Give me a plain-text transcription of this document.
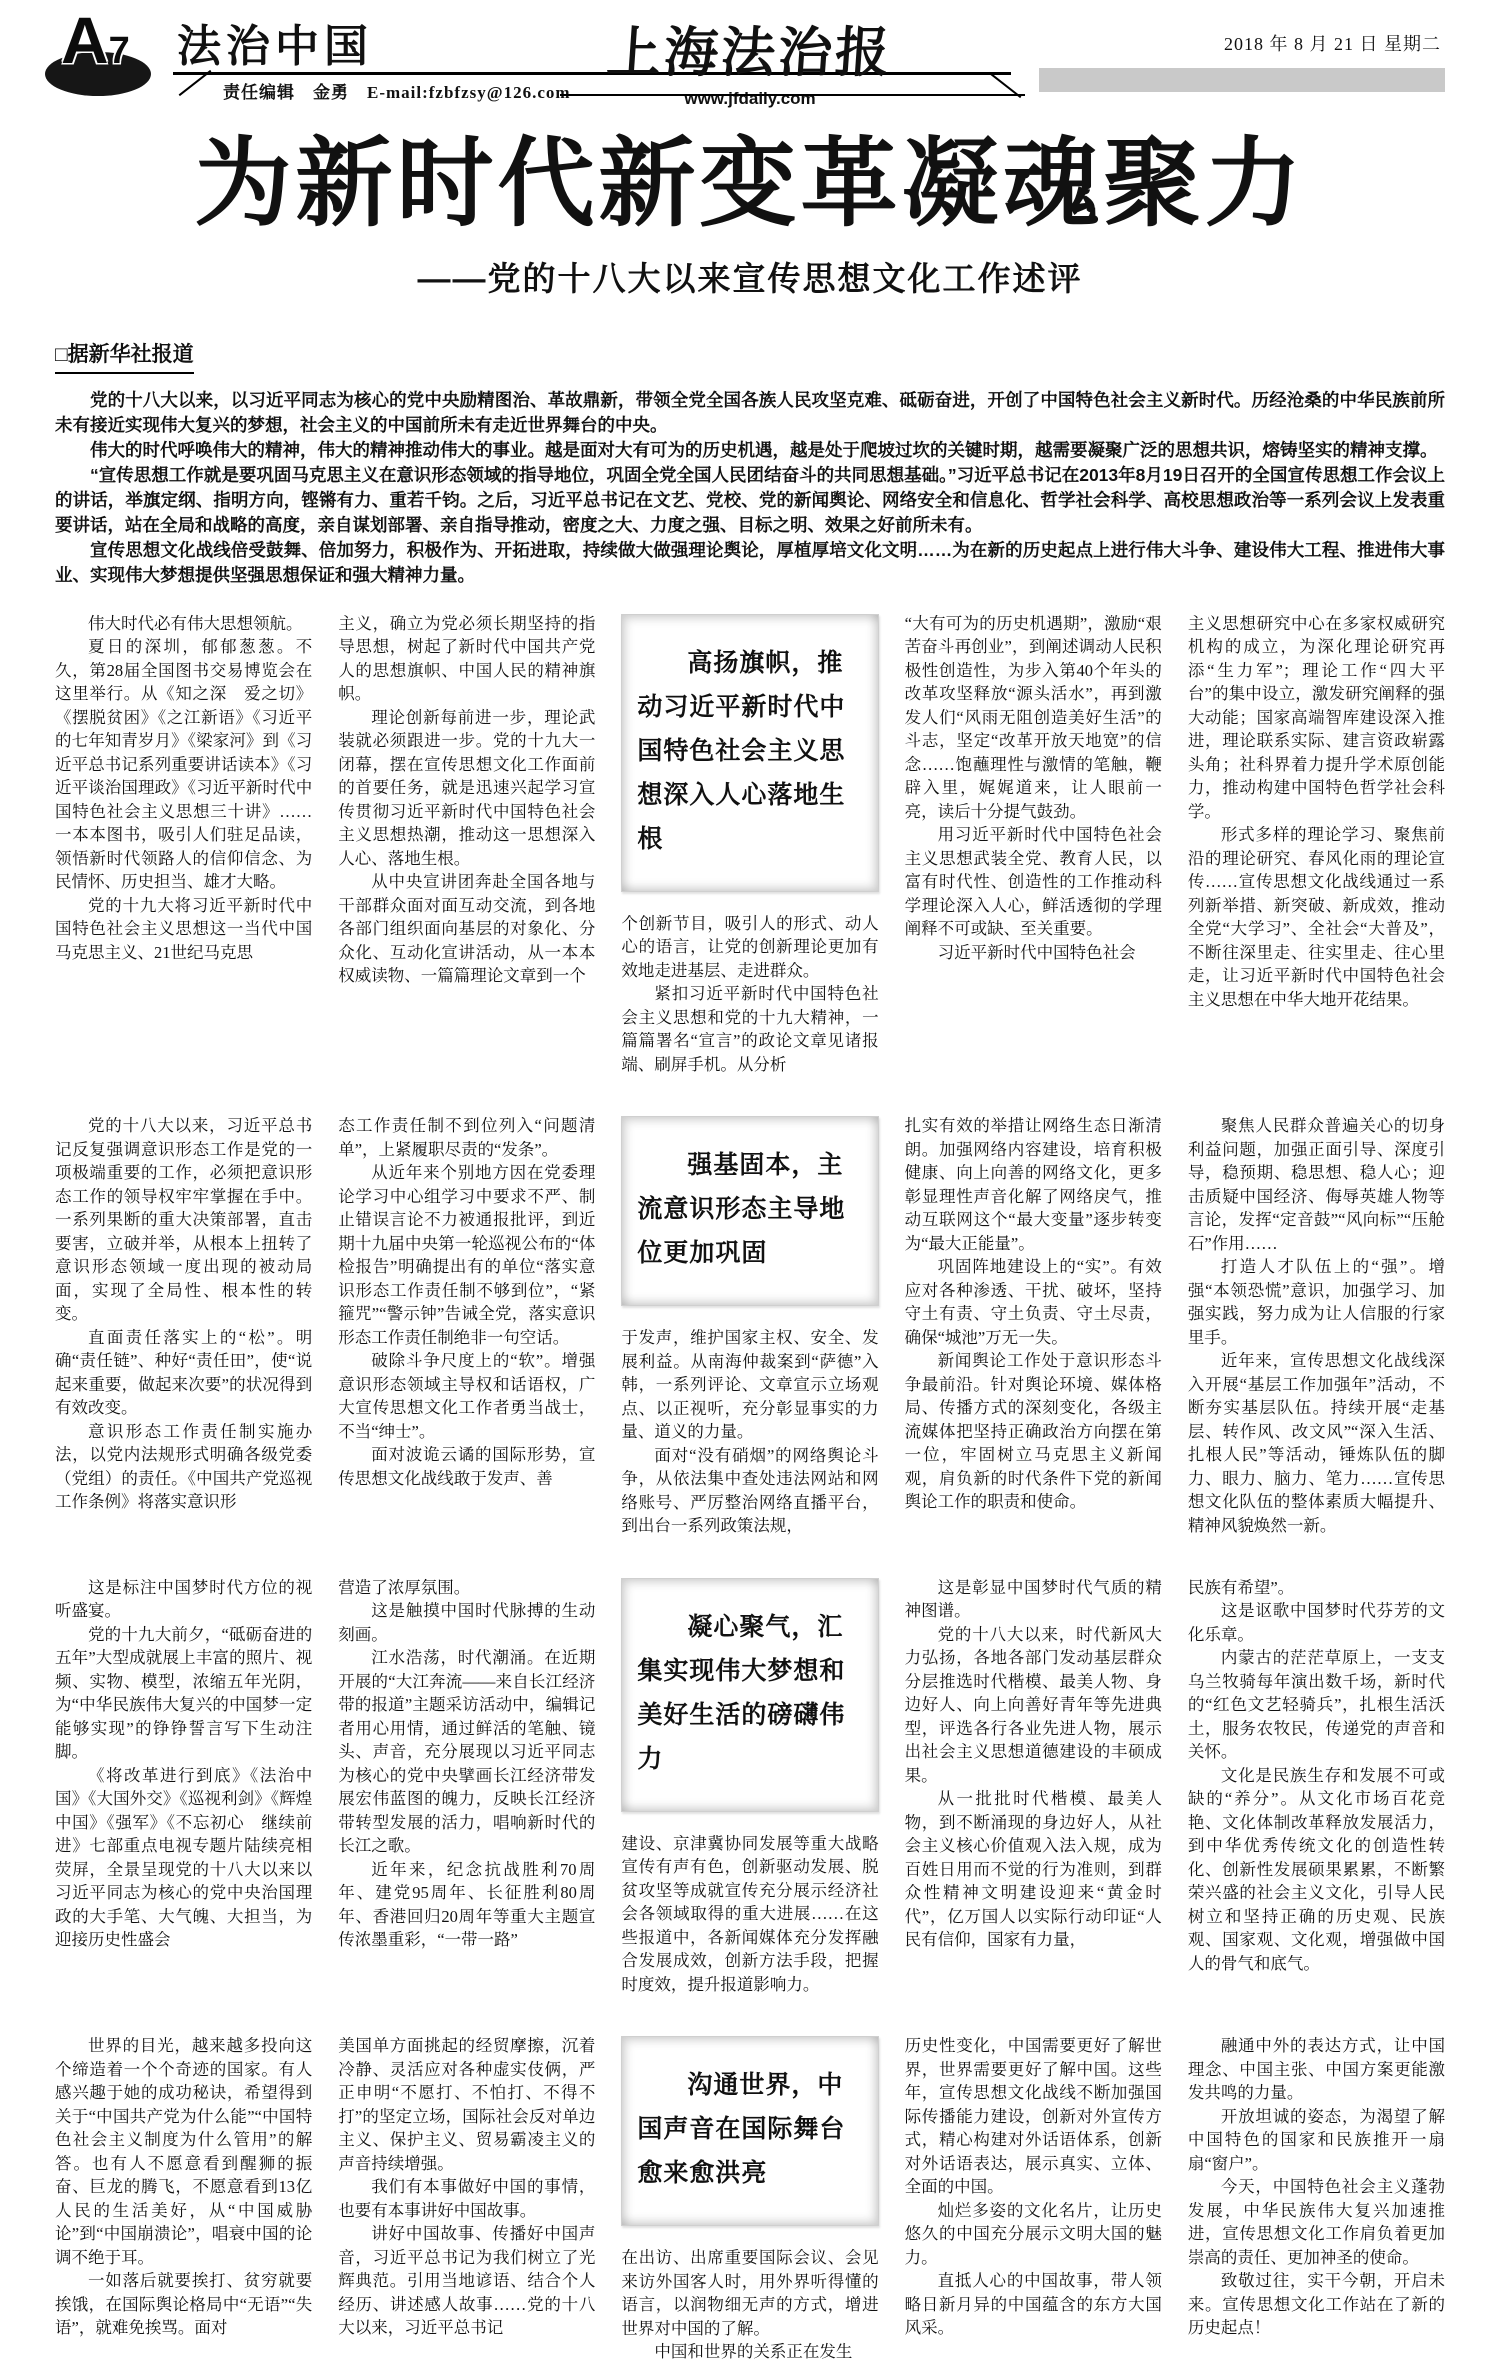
A7 法治中国
责任编辑　金勇　E-mail:fzbfzsy@126.com
上海法治报
www.jfdaily.com
2018 年 8 月 21 日 星期二
为新时代新变革凝魂聚力
——党的十八大以来宣传思想文化工作述评
□据新华社报道

党的十八大以来，以习近平同志为核心的党中央励精图治、革故鼎新，带领全党全国各族人民攻坚克难、砥砺奋进，开创了中国特色社会主义新时代。历经沧桑的中华民族前所未有接近实现伟大复兴的梦想，社会主义的中国前所未有走近世界舞台的中央。

伟大的时代呼唤伟大的精神，伟大的精神推动伟大的事业。越是面对大有可为的历史机遇，越是处于爬坡过坎的关键时期，越需要凝聚广泛的思想共识，熔铸坚实的精神支撑。

“宣传思想工作就是要巩固马克思主义在意识形态领域的指导地位，巩固全党全国人民团结奋斗的共同思想基础。”习近平总书记在2013年8月19日召开的全国宣传思想工作会议上的讲话，举旗定纲、指明方向，铿锵有力、重若千钧。之后，习近平总书记在文艺、党校、党的新闻舆论、网络安全和信息化、哲学社会科学、高校思想政治等一系列会议上发表重要讲话，站在全局和战略的高度，亲自谋划部署、亲自指导推动，密度之大、力度之强、目标之明、效果之好前所未有。

宣传思想文化战线倍受鼓舞、倍加努力，积极作为、开拓进取，持续做大做强理论舆论，厚植厚培文化文明……为在新的历史起点上进行伟大斗争、建设伟大工程、推进伟大事业、实现伟大梦想提供坚强思想保证和强大精神力量。

伟大时代必有伟大思想领航。

夏日的深圳，郁郁葱葱。不久，第28届全国图书交易博览会在这里举行。从《知之深　爱之切》《摆脱贫困》《之江新语》《习近平的七年知青岁月》《梁家河》到《习近平总书记系列重要讲话读本》《习近平谈治国理政》《习近平新时代中国特色社会主义思想三十讲》……一本本图书，吸引人们驻足品读，领悟新时代领路人的信仰信念、为民情怀、历史担当、雄才大略。

党的十九大将习近平新时代中国特色社会主义思想这一当代中国马克思主义、21世纪马克思

主义，确立为党必须长期坚持的指导思想，树起了新时代中国共产党人的思想旗帜、中国人民的精神旗帜。

理论创新每前进一步，理论武装就必须跟进一步。党的十九大一闭幕，摆在宣传思想文化工作面前的首要任务，就是迅速兴起学习宣传贯彻习近平新时代中国特色社会主义思想热潮，推动这一思想深入人心、落地生根。

从中央宣讲团奔赴全国各地与干部群众面对面互动交流，到各地各部门组织面向基层的对象化、分众化、互动化宣讲活动，从一本本权威读物、一篇篇理论文章到一个

高扬旗帜，推动习近平新时代中国特色社会主义思想深入人心落地生根

个创新节目，吸引人的形式、动人心的语言，让党的创新理论更加有效地走进基层、走进群众。

紧扣习近平新时代中国特色社会主义思想和党的十九大精神，一篇篇署名“宣言”的政论文章见诸报端、刷屏手机。从分析

“大有可为的历史机遇期”，激励“艰苦奋斗再创业”，到阐述调动人民积极性创造性，为步入第40个年头的改革攻坚释放“源头活水”，再到激发人们“风雨无阻创造美好生活”的斗志，坚定“改革开放天地宽”的信念……饱蘸理性与激情的笔触，鞭辟入里，娓娓道来，让人眼前一亮，读后十分提气鼓劲。

用习近平新时代中国特色社会主义思想武装全党、教育人民，以富有时代性、创造性的工作推动科学理论深入人心，鲜活透彻的学理阐释不可或缺、至关重要。

习近平新时代中国特色社会

主义思想研究中心在多家权威研究机构的成立，为深化理论研究再添“生力军”；理论工作“四大平台”的集中设立，激发研究阐释的强大动能；国家高端智库建设深入推进，理论联系实际、建言资政崭露头角；社科界着力提升学术原创能力，推动构建中国特色哲学社会科学。

形式多样的理论学习、聚焦前沿的理论研究、春风化雨的理论宣传……宣传思想文化战线通过一系列新举措、新突破、新成效，推动全党“大学习”、全社会“大普及”，不断往深里走、往实里走、往心里走，让习近平新时代中国特色社会主义思想在中华大地开花结果。

党的十八大以来，习近平总书记反复强调意识形态工作是党的一项极端重要的工作，必须把意识形态工作的领导权牢牢掌握在手中。一系列果断的重大决策部署，直击要害，立破并举，从根本上扭转了意识形态领域一度出现的被动局面，实现了全局性、根本性的转变。

直面责任落实上的“松”。明确“责任链”、种好“责任田”，使“说起来重要，做起来次要”的状况得到有效改变。

意识形态工作责任制实施办法，以党内法规形式明确各级党委（党组）的责任。《中国共产党巡视工作条例》将落实意识形

态工作责任制不到位列入“问题清单”，上紧履职尽责的“发条”。

从近年来个别地方因在党委理论学习中心组学习中要求不严、制止错误言论不力被通报批评，到近期十九届中央第一轮巡视公布的“体检报告”明确提出有的单位“落实意识形态工作责任制不够到位”，“紧箍咒”“警示钟”告诫全党，落实意识形态工作责任制绝非一句空话。

破除斗争尺度上的“软”。增强意识形态领域主导权和话语权，广大宣传思想文化工作者勇当战士，不当“绅士”。

面对波诡云谲的国际形势，宣传思想文化战线敢于发声、善

强基固本，主流意识形态主导地位更加巩固

于发声，维护国家主权、安全、发展利益。从南海仲裁案到“萨德”入韩，一系列评论、文章宣示立场观点、以正视听，充分彰显事实的力量、道义的力量。

面对“没有硝烟”的网络舆论斗争，从依法集中查处违法网站和网络账号、严厉整治网络直播平台，到出台一系列政策法规，

扎实有效的举措让网络生态日渐清朗。加强网络内容建设，培育积极健康、向上向善的网络文化，更多彰显理性声音化解了网络戾气，推动互联网这个“最大变量”逐步转变为“最大正能量”。

巩固阵地建设上的“实”。有效应对各种渗透、干扰、破坏，坚持守土有责、守土负责、守土尽责，确保“城池”万无一失。

新闻舆论工作处于意识形态斗争最前沿。针对舆论环境、媒体格局、传播方式的深刻变化，各级主流媒体把坚持正确政治方向摆在第一位，牢固树立马克思主义新闻观，肩负新的时代条件下党的新闻舆论工作的职责和使命。

聚焦人民群众普遍关心的切身利益问题，加强正面引导、深度引导，稳预期、稳思想、稳人心；迎击质疑中国经济、侮辱英雄人物等言论，发挥“定音鼓”“风向标”“压舱石”作用……

打造人才队伍上的“强”。增强“本领恐慌”意识，加强学习、加强实践，努力成为让人信服的行家里手。

近年来，宣传思想文化战线深入开展“基层工作加强年”活动，不断夯实基层队伍。持续开展“走基层、转作风、改文风”“深入生活、扎根人民”等活动，锤炼队伍的脚力、眼力、脑力、笔力……宣传思想文化队伍的整体素质大幅提升、精神风貌焕然一新。

这是标注中国梦时代方位的视听盛宴。

党的十九大前夕，“砥砺奋进的五年”大型成就展上丰富的照片、视频、实物、模型，浓缩五年光阴，为“中华民族伟大复兴的中国梦一定能够实现”的铮铮誓言写下生动注脚。

《将改革进行到底》《法治中国》《大国外交》《巡视利剑》《辉煌中国》《强军》《不忘初心　继续前进》七部重点电视专题片陆续亮相荧屏，全景呈现党的十八大以来以习近平同志为核心的党中央治国理政的大手笔、大气魄、大担当，为迎接历史性盛会

营造了浓厚氛围。

这是触摸中国时代脉搏的生动刻画。

江水浩荡，时代潮涌。在近期开展的“大江奔流——来自长江经济带的报道”主题采访活动中，编辑记者用心用情，通过鲜活的笔触、镜头、声音，充分展现以习近平同志为核心的党中央擘画长江经济带发展宏伟蓝图的魄力，反映长江经济带转型发展的活力，唱响新时代的长江之歌。

近年来，纪念抗战胜利70周年、建党95周年、长征胜利80周年、香港回归20周年等重大主题宣传浓墨重彩，“一带一路”

凝心聚气，汇集实现伟大梦想和美好生活的磅礴伟力

建设、京津冀协同发展等重大战略宣传有声有色，创新驱动发展、脱贫攻坚等成就宣传充分展示经济社会各领域取得的重大进展……在这些报道中，各新闻媒体充分发挥融合发展成效，创新方法手段，把握时度效，提升报道影响力。

这是彰显中国梦时代气质的精神图谱。

党的十八大以来，时代新风大力弘扬，各地各部门发动基层群众分层推选时代楷模、最美人物、身边好人、向上向善好青年等先进典型，评选各行各业先进人物，展示出社会主义思想道德建设的丰硕成果。

从一批批时代楷模、最美人物，到不断涌现的身边好人，从社会主义核心价值观入法入规，成为百姓日用而不觉的行为准则，到群众性精神文明建设迎来“黄金时代”，亿万国人以实际行动印证“人民有信仰，国家有力量，

民族有希望”。

这是讴歌中国梦时代芬芳的文化乐章。

内蒙古的茫茫草原上，一支支乌兰牧骑每年演出数千场，新时代的“红色文艺轻骑兵”，扎根生活沃土，服务农牧民，传递党的声音和关怀。

文化是民族生存和发展不可或缺的“养分”。从文化市场百花竞艳、文化体制改革释放发展活力，到中华优秀传统文化的创造性转化、创新性发展硕果累累，不断繁荣兴盛的社会主义文化，引导人民树立和坚持正确的历史观、民族观、国家观、文化观，增强做中国人的骨气和底气。

世界的目光，越来越多投向这个缔造着一个个奇迹的国家。有人感兴趣于她的成功秘诀，希望得到关于“中国共产党为什么能”“中国特色社会主义制度为什么管用”的解答。也有人不愿意看到醒狮的振奋、巨龙的腾飞，不愿意看到13亿人民的生活美好，从“中国威胁论”到“中国崩溃论”，唱衰中国的论调不绝于耳。

一如落后就要挨打、贫穷就要挨饿，在国际舆论格局中“无语”“失语”，就难免挨骂。面对

美国单方面挑起的经贸摩擦，沉着冷静、灵活应对各种虚实伎俩，严正申明“不愿打、不怕打、不得不打”的坚定立场，国际社会反对单边主义、保护主义、贸易霸凌主义的声音持续增强。

我们有本事做好中国的事情，也要有本事讲好中国故事。

讲好中国故事、传播好中国声音，习近平总书记为我们树立了光辉典范。引用当地谚语、结合个人经历、讲述感人故事……党的十八大以来，习近平总书记

沟通世界，中国声音在国际舞台愈来愈洪亮

在出访、出席重要国际会议、会见来访外国客人时，用外界听得懂的语言，以润物细无声的方式，增进世界对中国的了解。

中国和世界的关系正在发生

历史性变化，中国需要更好了解世界，世界需要更好了解中国。这些年，宣传思想文化战线不断加强国际传播能力建设，创新对外宣传方式，精心构建对外话语体系，创新对外话语表达，展示真实、立体、全面的中国。

灿烂多姿的文化名片，让历史悠久的中国充分展示文明大国的魅力。

直抵人心的中国故事，带人领略日新月异的中国蕴含的东方大国风采。

融通中外的表达方式，让中国理念、中国主张、中国方案更能激发共鸣的力量。

开放坦诚的姿态，为渴望了解中国特色的国家和民族推开一扇扇“窗户”。

今天，中国特色社会主义蓬勃发展，中华民族伟大复兴加速推进，宣传思想文化工作肩负着更加崇高的责任、更加神圣的使命。

致敬过往，实干今朝，开启未来。宣传思想文化工作站在了新的历史起点！
